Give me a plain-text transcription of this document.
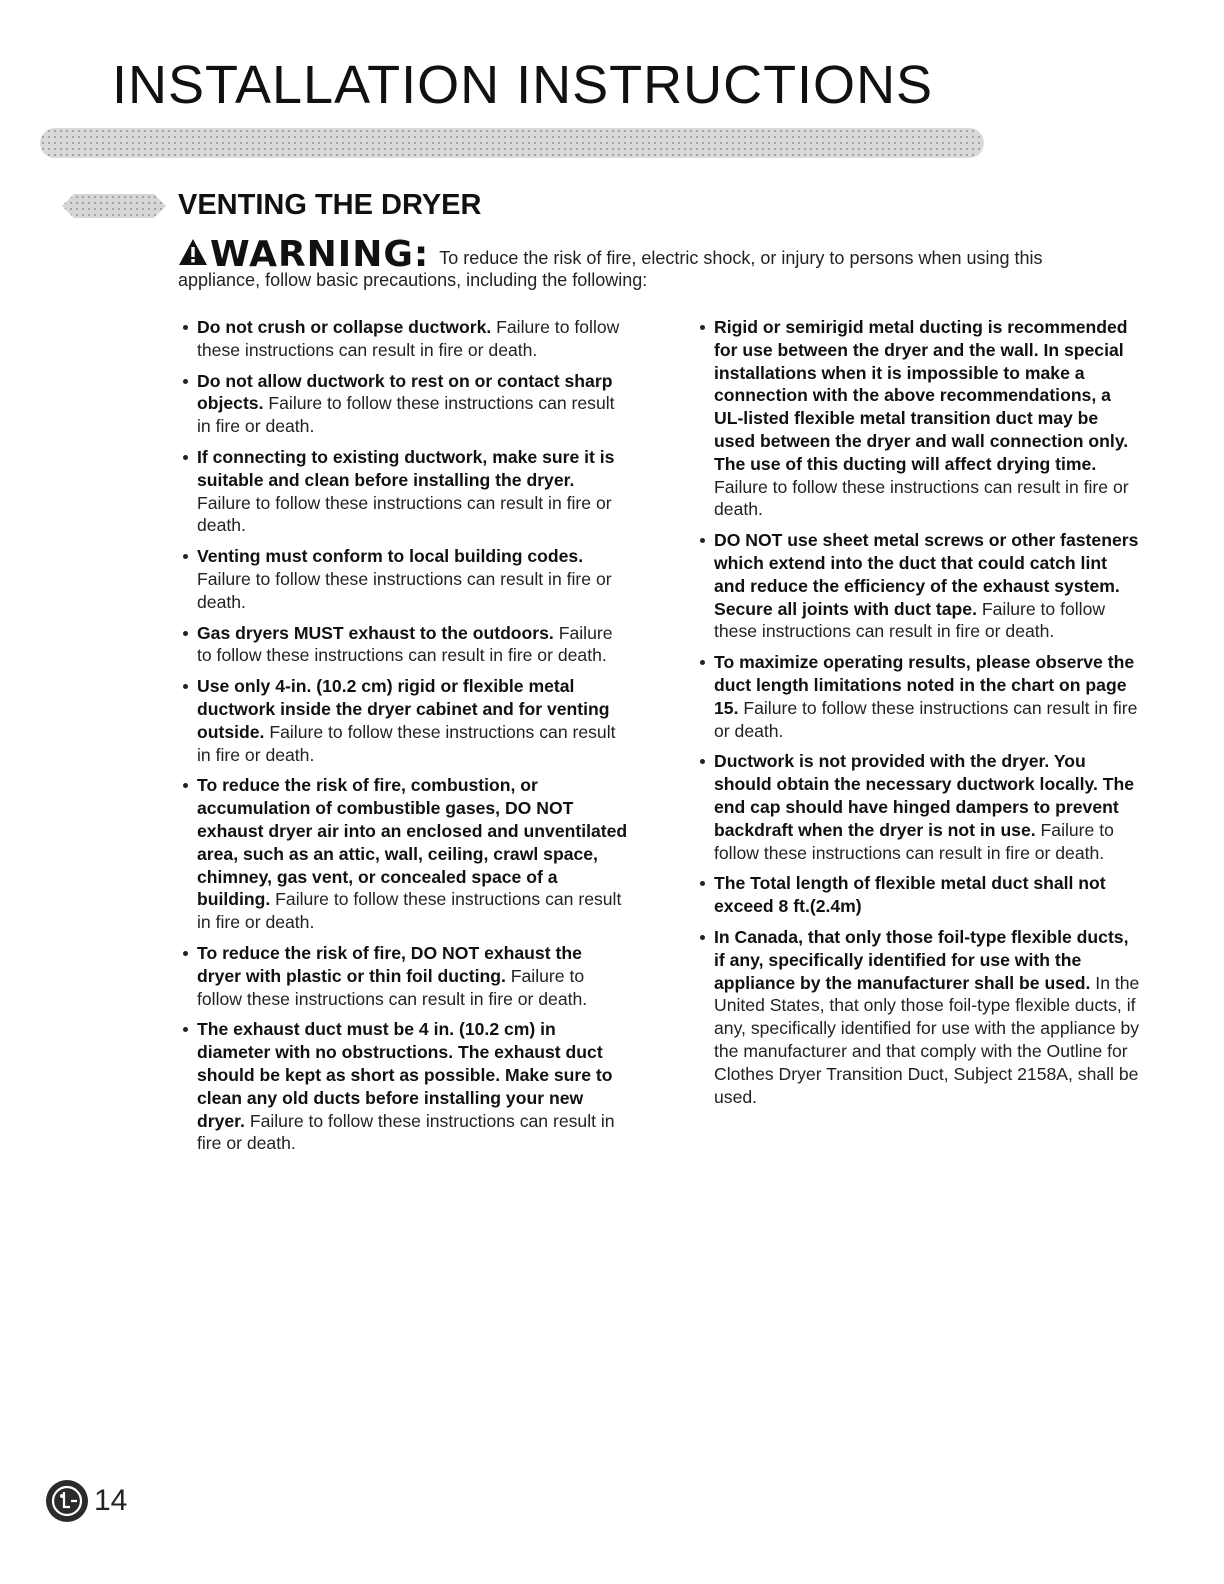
INSTALLATION INSTRUCTIONS
VENTING THE DRYER
WARNING: To reduce the risk of fire, electric shock, or injury to persons when using this appliance, follow basic precautions, including the following:
Do not crush or collapse ductwork. Failure to follow these instructions can result in fire or death.
Do not allow ductwork to rest on or contact sharp objects. Failure to follow these instructions can result in fire or death.
If connecting to existing ductwork, make sure it is suitable and clean before installing the dryer. Failure to follow these instructions can result in fire or death.
Venting must conform to local building codes. Failure to follow these instructions can result in fire or death.
Gas dryers MUST exhaust to the outdoors. Failure to follow these instructions can result in fire or death.
Use only 4-in. (10.2 cm) rigid or flexible metal ductwork inside the dryer cabinet and for venting outside. Failure to follow these instructions can result in fire or death.
To reduce the risk of fire, combustion, or accumulation of combustible gases, DO NOT exhaust dryer air into an enclosed and unventilated area, such as an attic, wall, ceiling, crawl space, chimney, gas vent, or concealed space of a building. Failure to follow these instructions can result in fire or death.
To reduce the risk of fire, DO NOT exhaust the dryer with plastic or thin foil ducting. Failure to follow these instructions can result in fire or death.
The exhaust duct must be 4 in. (10.2 cm) in diameter with no obstructions. The exhaust duct should be kept as short as possible. Make sure to clean any old ducts before installing your new dryer. Failure to follow these instructions can result in fire or death.
Rigid or semirigid metal ducting is recommended for use between the dryer and the wall. In special installations when it is impossible to make a connection with the above recommendations, a UL-listed flexible metal transition duct may be used between the dryer and wall connection only. The use of this ducting will affect drying time. Failure to follow these instructions can result in fire or death.
DO NOT use sheet metal screws or other fasteners which extend into the duct that could catch lint and reduce the efficiency of the exhaust system. Secure all joints with duct tape. Failure to follow these instructions can result in fire or death.
To maximize operating results, please observe the duct length limitations noted in the chart on page 15. Failure to follow these instructions can result in fire or death.
Ductwork is not provided with the dryer. You should obtain the necessary ductwork locally. The end cap should have hinged dampers to prevent backdraft when the dryer is not in use. Failure to follow these instructions can result in fire or death.
The Total length of flexible metal duct shall not exceed 8 ft.(2.4m)
In Canada, that only those foil-type flexible ducts, if any, specifically identified for use with the appliance by the manufacturer shall be used. In the United States, that only those foil-type flexible ducts, if any, specifically identified for use with the appliance by the manufacturer and that comply with the Outline for Clothes Dryer Transition Duct, Subject 2158A, shall be used.
14
